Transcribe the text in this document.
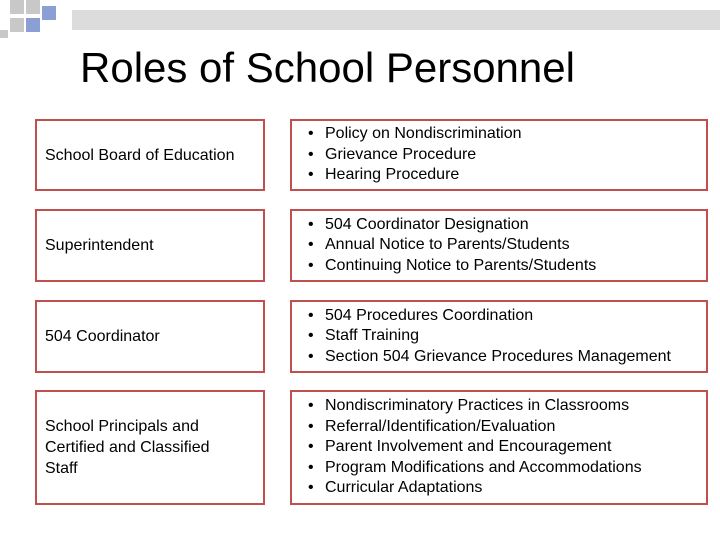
Roles of School Personnel
School Board of Education
• Policy on Nondiscrimination
• Grievance Procedure
• Hearing Procedure
Superintendent
• 504 Coordinator Designation
• Annual Notice to Parents/Students
• Continuing Notice to Parents/Students
504 Coordinator
• 504 Procedures Coordination
• Staff Training
• Section 504 Grievance Procedures Management
School Principals and Certified and Classified Staff
• Nondiscriminatory Practices in Classrooms
• Referral/Identification/Evaluation
• Parent Involvement and Encouragement
• Program Modifications and Accommodations
• Curricular Adaptations
